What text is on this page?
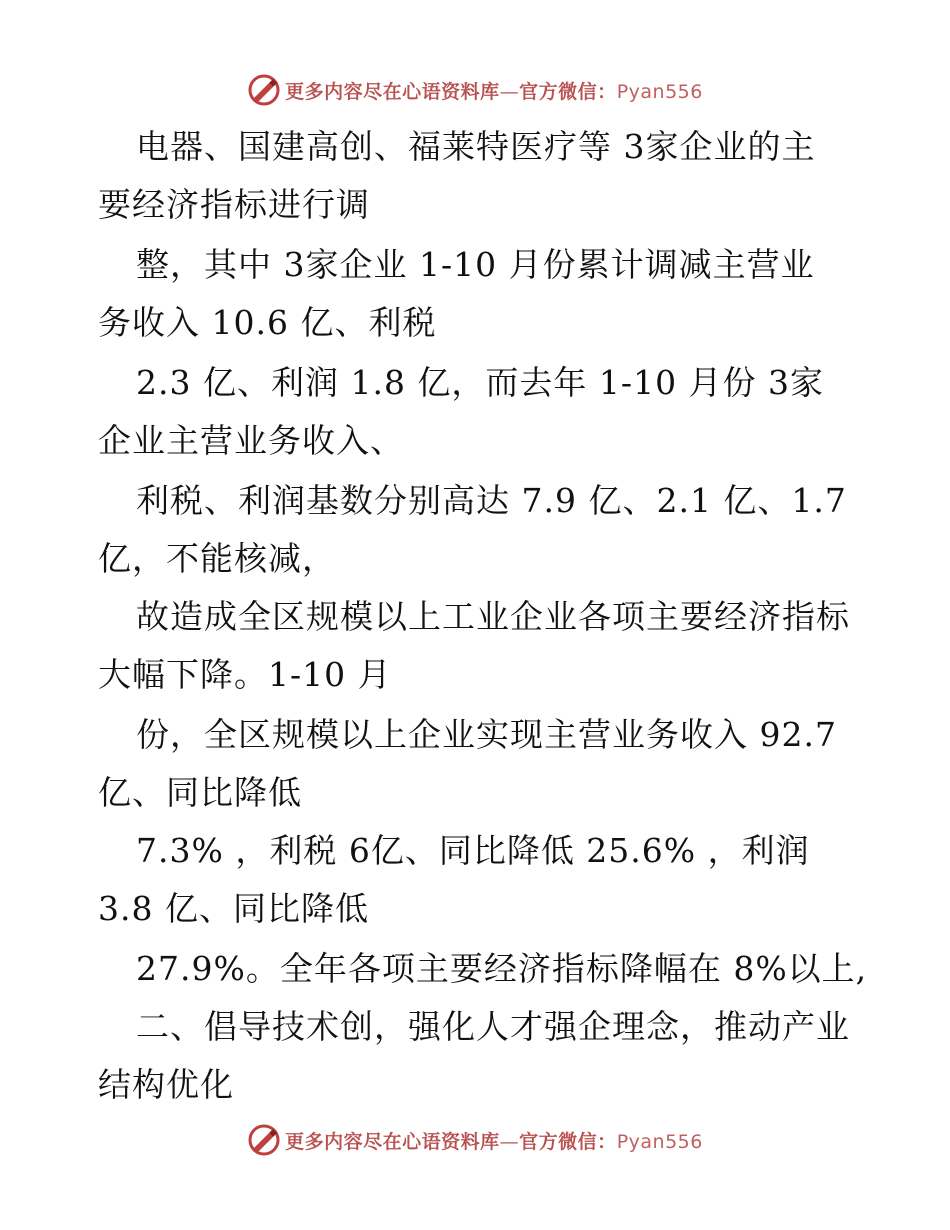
更多内容尽在心语资料库—官方微信：Pyan556
电器、国建高创、福莱特医疗等 3家企业的主
要经济指标进行调
整，其中 3家企业 1-10 月份累计调减主营业
务收入 10.6 亿、利税
2.3 亿、利润 1.8 亿，而去年 1-10 月份 3家
企业主营业务收入、
利税、利润基数分别高达 7.9 亿、2.1 亿、1.7
亿，不能核减，
故造成全区规模以上工业企业各项主要经济指标
大幅下降。1-10 月
份，全区规模以上企业实现主营业务收入 92.7
亿、同比降低
7.3% ，利税 6亿、同比降低 25.6% ，利润
3.8 亿、同比降低
27.9%。全年各项主要经济指标降幅在 8%以上,
二、倡导技术创，强化人才强企理念，推动产业
结构优化
更多内容尽在心语资料库—官方微信：Pyan556
